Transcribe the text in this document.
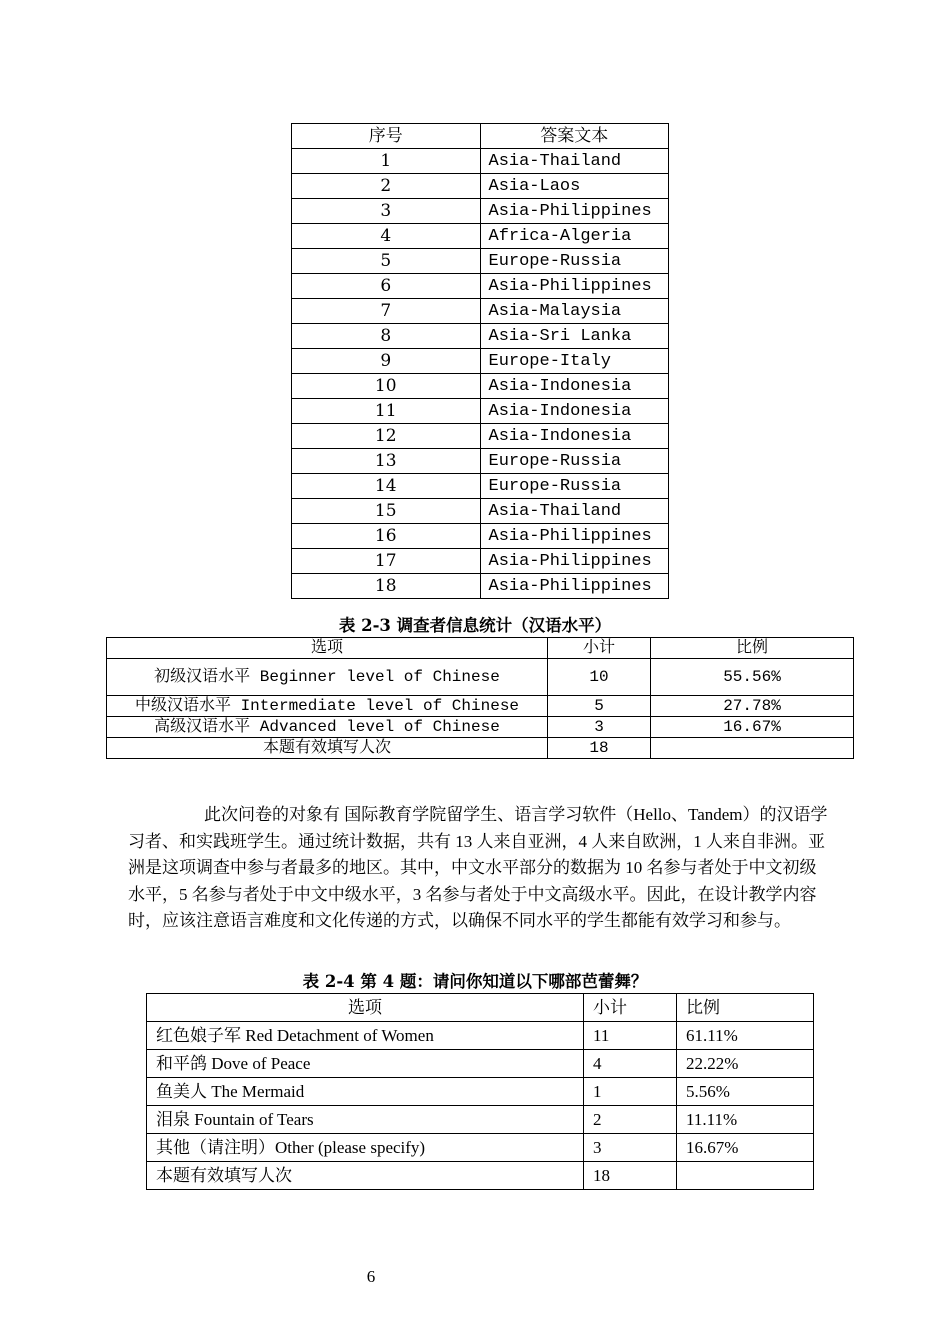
序号	答案文本
1	Asia-Thailand
2	Asia-Laos
3	Asia-Philippines
4	Africa-Algeria
5	Europe-Russia
6	Asia-Philippines
7	Asia-Malaysia
8	Asia-Sri Lanka
9	Europe-Italy
10	Asia-Indonesia
11	Asia-Indonesia
12	Asia-Indonesia
13	Europe-Russia
14	Europe-Russia
15	Asia-Thailand
16	Asia-Philippines
17	Asia-Philippines
18	Asia-Philippines
表 2-3 调查者信息统计（汉语水平）
选项	小计	比例
初级汉语水平 Beginner level of Chinese	10	55.56%
中级汉语水平 Intermediate level of Chinese	5	27.78%
高级汉语水平 Advanced level of Chinese	3	16.67%
本题有效填写人次	18	
此次问卷的对象有 国际教育学院留学生、语言学习软件（Hello、Tandem）的汉语学习者、和实践班学生。通过统计数据，共有 13 人来自亚洲，4 人来自欧洲，1 人来自非洲。亚洲是这项调查中参与者最多的地区。其中，中文水平部分的数据为 10 名参与者处于中文初级水平，5 名参与者处于中文中级水平，3 名参与者处于中文高级水平。因此，在设计教学内容时，应该注意语言难度和文化传递的方式，以确保不同水平的学生都能有效学习和参与。
表 2-4 第 4 题：请问你知道以下哪部芭蕾舞？
选项	小计	比例
红色娘子军 Red Detachment of Women	11	61.11%
和平鸽 Dove of Peace	4	22.22%
鱼美人 The Mermaid	1	5.56%
泪泉 Fountain of Tears	2	11.11%
其他（请注明）Other (please specify)	3	16.67%
本题有效填写人次	18	
6
